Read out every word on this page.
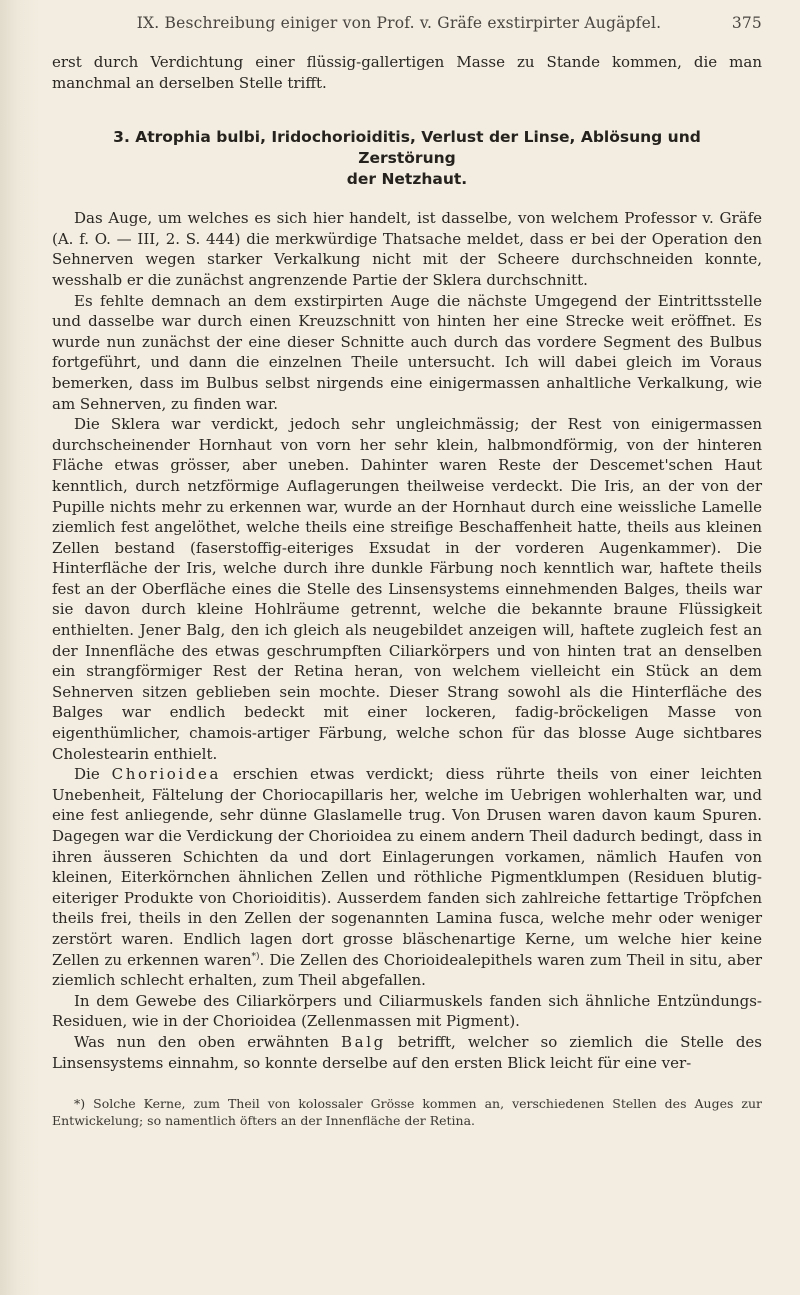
IX. Beschreibung einiger von Prof. v. Gräfe exstirpirter Augäpfel.	375

erst durch Verdichtung einer flüssig-gallertigen Masse zu Stande kommen, die man manchmal an derselben Stelle trifft.

3. Atrophia bulbi, Iridochorioiditis, Verlust der Linse, Ablösung und Zerstörung
der Netzhaut.

Das Auge, um welches es sich hier handelt, ist dasselbe, von welchem Professor v. Gräfe (A. f. O. — III, 2. S. 444) die merkwürdige Thatsache meldet, dass er bei der Operation den Sehnerven wegen starker Verkalkung nicht mit der Scheere durchschneiden konnte, wesshalb er die zunächst angrenzende Partie der Sklera durchschnitt.

Es fehlte demnach an dem exstirpirten Auge die nächste Umgegend der Eintrittsstelle und dasselbe war durch einen Kreuzschnitt von hinten her eine Strecke weit eröffnet. Es wurde nun zunächst der eine dieser Schnitte auch durch das vordere Segment des Bulbus fortgeführt, und dann die einzelnen Theile untersucht. Ich will dabei gleich im Voraus bemerken, dass im Bulbus selbst nirgends eine einigermassen anhaltliche Verkalkung, wie am Sehnerven, zu finden war.

Die Sklera war verdickt, jedoch sehr ungleichmässig; der Rest von einigermassen durchscheinender Hornhaut von vorn her sehr klein, halbmondförmig, von der hinteren Fläche etwas grösser, aber uneben. Dahinter waren Reste der Descemet'schen Haut kenntlich, durch netzförmige Auflagerungen theilweise verdeckt. Die Iris, an der von der Pupille nichts mehr zu erkennen war, wurde an der Hornhaut durch eine weissliche Lamelle ziemlich fest angelöthet, welche theils eine streifige Beschaffenheit hatte, theils aus kleinen Zellen bestand (faserstoffig-eiteriges Exsudat in der vorderen Augenkammer). Die Hinterfläche der Iris, welche durch ihre dunkle Färbung noch kenntlich war, haftete theils fest an der Oberfläche eines die Stelle des Linsensystems einnehmenden Balges, theils war sie davon durch kleine Hohlräume getrennt, welche die bekannte braune Flüssigkeit enthielten. Jener Balg, den ich gleich als neugebildet anzeigen will, haftete zugleich fest an der Innenfläche des etwas geschrumpften Ciliarkörpers und von hinten trat an denselben ein strangförmiger Rest der Retina heran, von welchem vielleicht ein Stück an dem Sehnerven sitzen geblieben sein mochte. Dieser Strang sowohl als die Hinterfläche des Balges war endlich bedeckt mit einer lockeren, fadig-bröckeligen Masse von eigenthümlicher, chamois-artiger Färbung, welche schon für das blosse Auge sichtbares Cholestearin enthielt.

Die Chorioidea erschien etwas verdickt; diess rührte theils von einer leichten Unebenheit, Fältelung der Choriocapillaris her, welche im Uebrigen wohlerhalten war, und eine fest anliegende, sehr dünne Glaslamelle trug. Von Drusen waren davon kaum Spuren. Dagegen war die Verdickung der Chorioidea zu einem andern Theil dadurch bedingt, dass in ihren äusseren Schichten da und dort Einlagerungen vorkamen, nämlich Haufen von kleinen, Eiterkörnchen ähnlichen Zellen und röthliche Pigmentklumpen (Residuen blutig-eiteriger Produkte von Chorioiditis). Ausserdem fanden sich zahlreiche fettartige Tröpfchen theils frei, theils in den Zellen der sogenannten Lamina fusca, welche mehr oder weniger zerstört waren. Endlich lagen dort grosse bläschenartige Kerne, um welche hier keine Zellen zu erkennen waren*). Die Zellen des Chorioidealepithels waren zum Theil in situ, aber ziemlich schlecht erhalten, zum Theil abgefallen.

In dem Gewebe des Ciliarkörpers und Ciliarmuskels fanden sich ähnliche Entzündungs-Residuen, wie in der Chorioidea (Zellenmassen mit Pigment).

Was nun den oben erwähnten Balg betrifft, welcher so ziemlich die Stelle des Linsensystems einnahm, so konnte derselbe auf den ersten Blick leicht für eine ver-

*) Solche Kerne, zum Theil von kolossaler Grösse kommen an, verschiedenen Stellen des Auges zur Entwickelung; so namentlich öfters an der Innenfläche der Retina.
